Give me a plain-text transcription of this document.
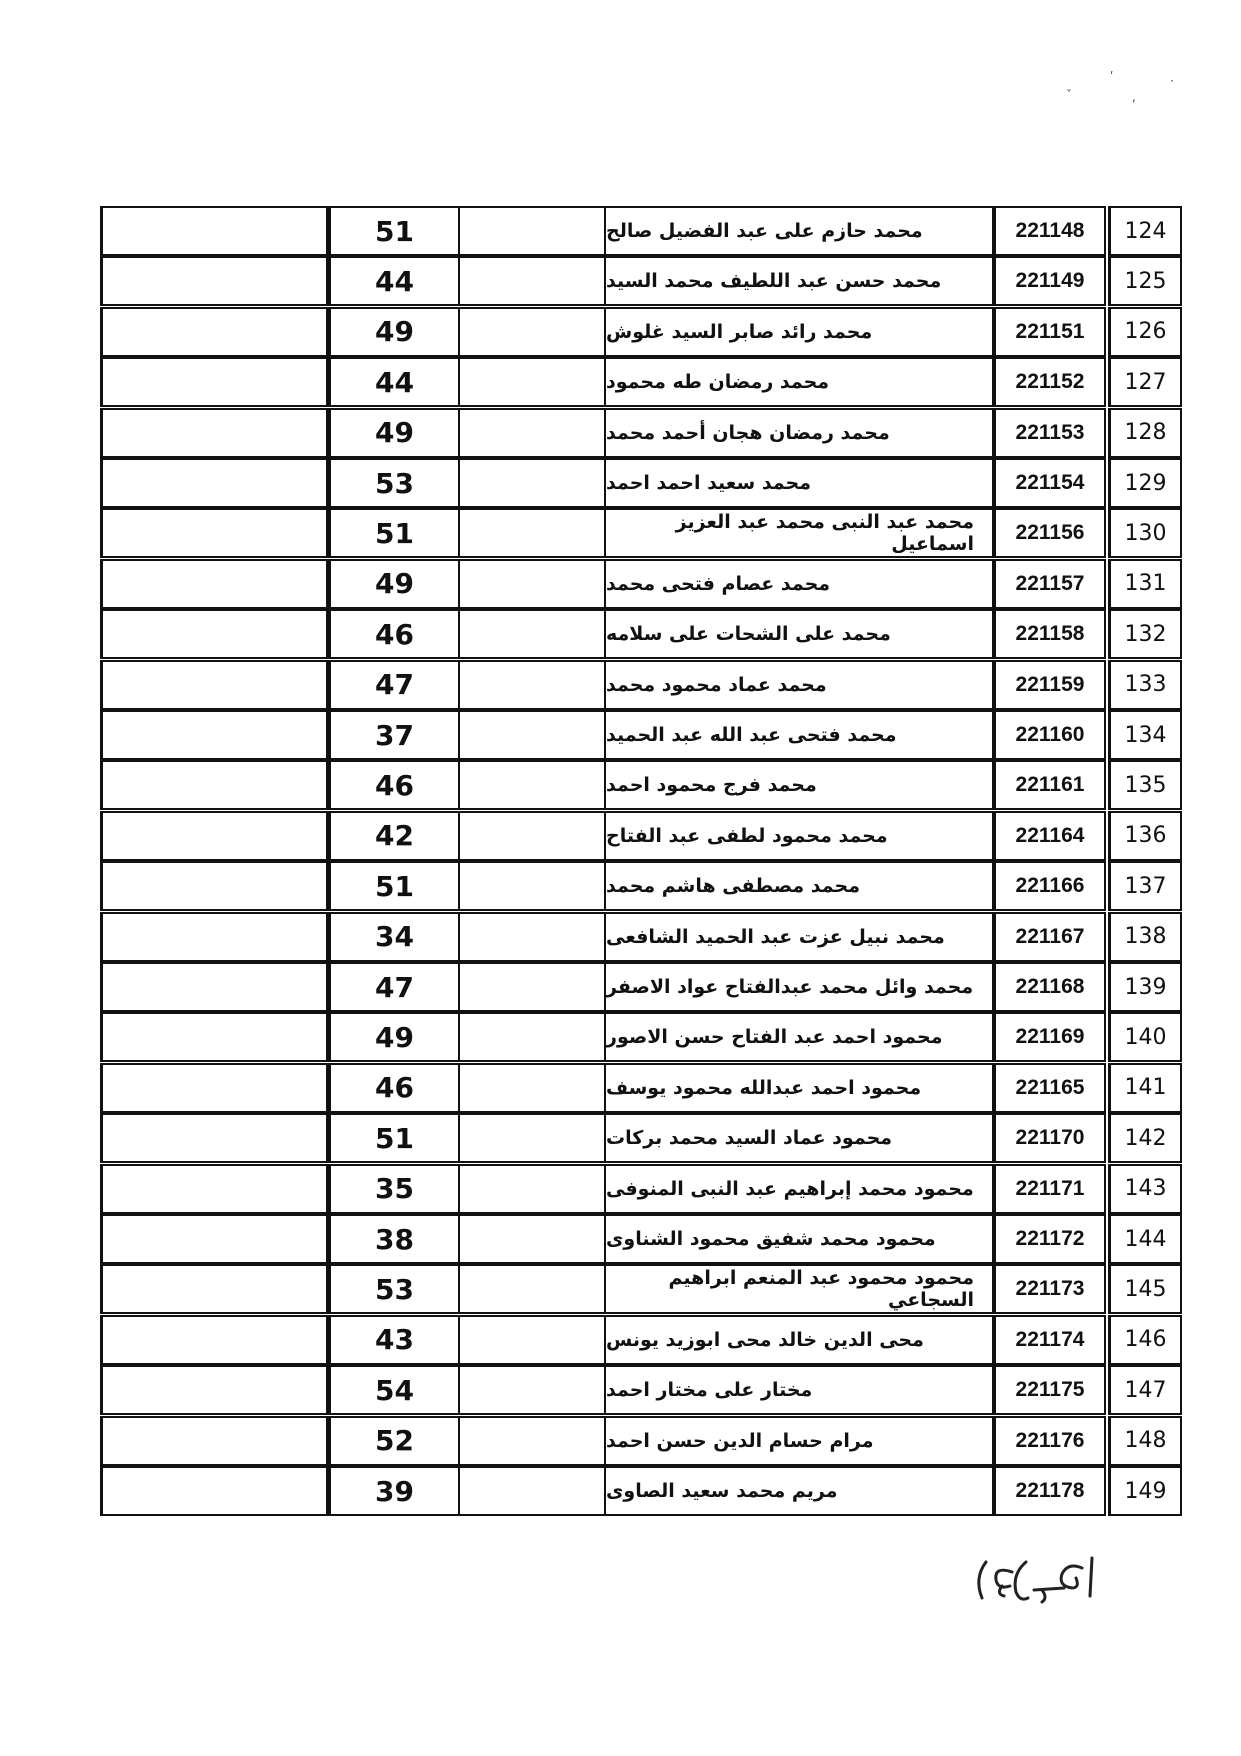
ʹ	·
ˇ	,
124
221148
محمد حازم على عبد الفضيل صالح
51
125
221149
محمد حسن عبد اللطيف محمد السيد
44
126
221151
محمد رائد صابر السيد غلوش
49
127
221152
محمد رمضان طه محمود
44
128
221153
محمد رمضان هجان أحمد محمد
49
129
221154
محمد سعيد احمد احمد
53
130
221156
محمد عبد النبى محمد عبد العزيز اسماعيل
51
131
221157
محمد عصام فتحى محمد
49
132
221158
محمد على الشحات على سلامه
46
133
221159
محمد عماد محمود محمد
47
134
221160
محمد فتحى عبد الله عبد الحميد
37
135
221161
محمد فرج محمود احمد
46
136
221164
محمد محمود لطفى عبد الفتاح
42
137
221166
محمد مصطفى هاشم محمد
51
138
221167
محمد نبيل عزت عبد الحميد الشافعى
34
139
221168
محمد وائل محمد عبدالفتاح عواد الاصفر
47
140
221169
محمود احمد عبد الفتاح حسن الاصور
49
141
221165
محمود احمد عبدالله محمود يوسف
46
142
221170
محمود عماد السيد محمد بركات
51
143
221171
محمود محمد إبراهيم عبد النبى المنوفى
35
144
221172
محمود محمد شفيق محمود الشناوى
38
145
221173
محمود محمود عبد المنعم ابراهيم السجاعي
53
146
221174
محى الدين خالد محى ابوزيد يونس
43
147
221175
مختار على مختار احمد
54
148
221176
مرام حسام الدين حسن احمد
52
149
221178
مريم محمد سعيد الصاوى
39
